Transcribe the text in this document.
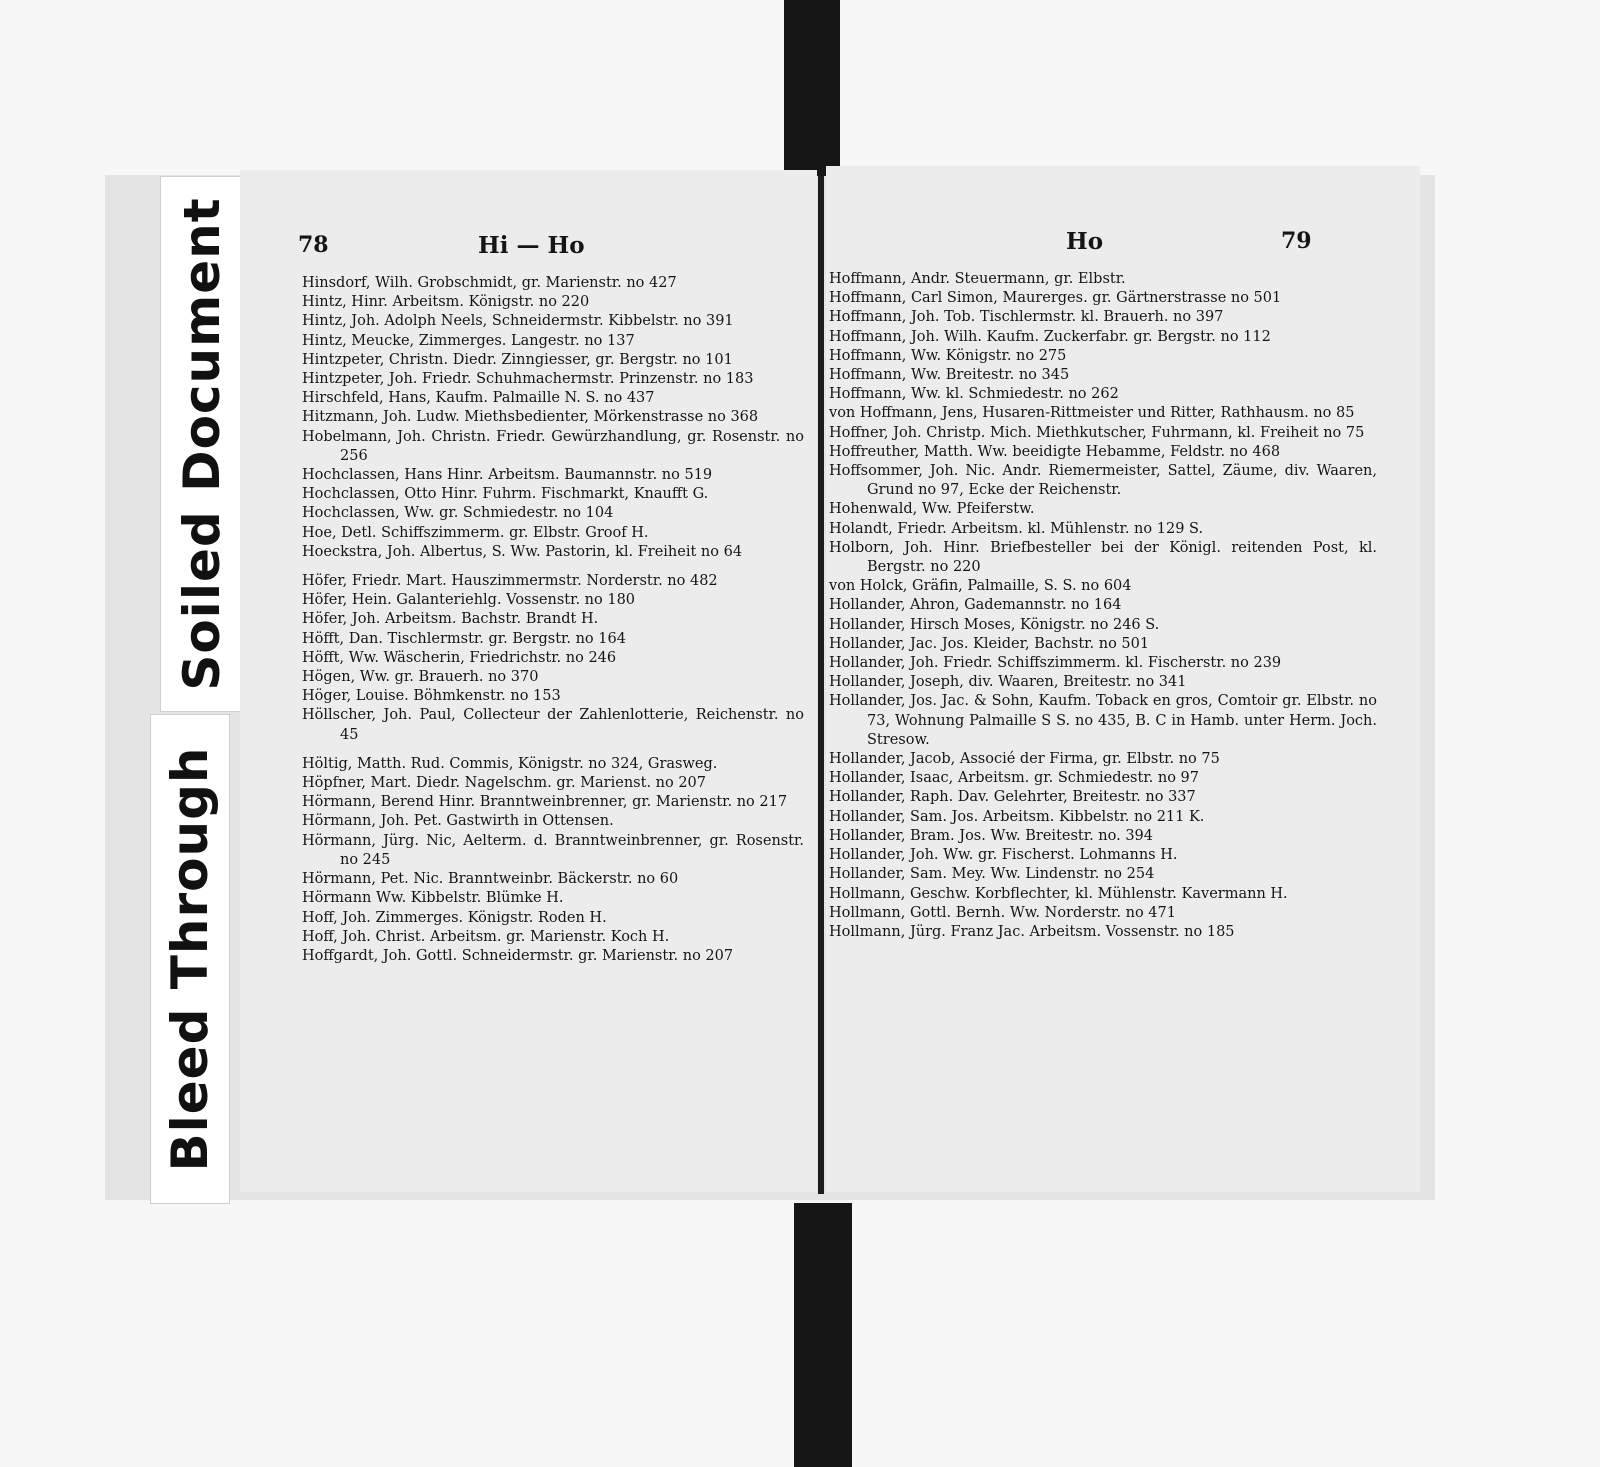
Soiled Document
Bleed Through
78	Hi — Ho
Hinsdorf, Wilh. Grobschmidt, gr. Marienstr. no 427
Hintz, Hinr. Arbeitsm. Königstr. no 220
Hintz, Joh. Adolph Neels, Schneidermstr. Kibbelstr. no 391
Hintz, Meucke, Zimmerges. Langestr. no 137
Hintzpeter, Christn. Diedr. Zinngiesser, gr. Bergstr. no 101
Hintzpeter, Joh. Friedr. Schuhmachermstr. Prinzenstr. no 183
Hirschfeld, Hans, Kaufm. Palmaille N. S. no 437
Hitzmann, Joh. Ludw. Miethsbedienter, Mörkenstrasse no 368
Hobelmann, Joh. Christn. Friedr. Gewürzhandlung, gr. Rosenstr. no 256
Hochclassen, Hans Hinr. Arbeitsm. Baumannstr. no 519
Hochclassen, Otto Hinr. Fuhrm. Fischmarkt, Knaufft G.
Hochclassen, Ww. gr. Schmiedestr. no 104
Hoe, Detl. Schiffszimmerm. gr. Elbstr. Groof H.
Hoeckstra, Joh. Albertus, S. Ww. Pastorin, kl. Freiheit no 64
Höfer, Friedr. Mart. Hauszimmermstr. Norderstr. no 482
Höfer, Hein. Galanteriehlg. Vossenstr. no 180
Höfer, Joh. Arbeitsm. Bachstr. Brandt H.
Höfft, Dan. Tischlermstr. gr. Bergstr. no 164
Höfft, Ww. Wäscherin, Friedrichstr. no 246
Högen, Ww. gr. Brauerh. no 370
Höger, Louise. Böhmkenstr. no 153
Höllscher, Joh. Paul, Collecteur der Zahlenlotterie, Reichenstr. no 45
Höltig, Matth. Rud. Commis, Königstr. no 324, Grasweg.
Höpfner, Mart. Diedr. Nagelschm. gr. Marienst. no 207
Hörmann, Berend Hinr. Branntweinbrenner, gr. Marienstr. no 217
Hörmann, Joh. Pet. Gastwirth in Ottensen.
Hörmann, Jürg. Nic, Aelterm. d. Branntweinbrenner, gr. Rosenstr. no 245
Hörmann, Pet. Nic. Branntweinbr. Bäckerstr. no 60
Hörmann Ww. Kibbelstr. Blümke H.
Hoff, Joh. Zimmerges. Königstr. Roden H.
Hoff, Joh. Christ. Arbeitsm. gr. Marienstr. Koch H.
Hoffgardt, Joh. Gottl. Schneidermstr. gr. Marienstr. no 207
Ho	79
Hoffmann, Andr. Steuermann, gr. Elbstr.
Hoffmann, Carl Simon, Maurerges. gr. Gärtnerstrasse no 501
Hoffmann, Joh. Tob. Tischlermstr. kl. Brauerh. no 397
Hoffmann, Joh. Wilh. Kaufm. Zuckerfabr. gr. Bergstr. no 112
Hoffmann, Ww. Königstr. no 275
Hoffmann, Ww. Breitestr. no 345
Hoffmann, Ww. kl. Schmiedestr. no 262
von Hoffmann, Jens, Husaren-Rittmeister und Ritter, Rathhausm. no 85
Hoffner, Joh. Christp. Mich. Miethkutscher, Fuhrmann, kl. Freiheit no 75
Hoffreuther, Matth. Ww. beeidigte Hebamme, Feldstr. no 468
Hoffsommer, Joh. Nic. Andr. Riemermeister, Sattel, Zäume, div. Waaren, Grund no 97, Ecke der Reichenstr.
Hohenwald, Ww. Pfeiferstw.
Holandt, Friedr. Arbeitsm. kl. Mühlenstr. no 129 S.
Holborn, Joh. Hinr. Briefbesteller bei der Königl. reitenden Post, kl. Bergstr. no 220
von Holck, Gräfin, Palmaille, S. S. no 604
Hollander, Ahron, Gademannstr. no 164
Hollander, Hirsch Moses, Königstr. no 246 S.
Hollander, Jac. Jos. Kleider, Bachstr. no 501
Hollander, Joh. Friedr. Schiffszimmerm. kl. Fischerstr. no 239
Hollander, Joseph, div. Waaren, Breitestr. no 341
Hollander, Jos. Jac. & Sohn, Kaufm. Toback en gros, Comtoir gr. Elbstr. no 73, Wohnung Palmaille S S. no 435, B. C in Hamb. unter Herm. Joch. Stresow.
Hollander, Jacob, Associé der Firma, gr. Elbstr. no 75
Hollander, Isaac, Arbeitsm. gr. Schmiedestr. no 97
Hollander, Raph. Dav. Gelehrter, Breitestr. no 337
Hollander, Sam. Jos. Arbeitsm. Kibbelstr. no 211 K.
Hollander, Bram. Jos. Ww. Breitestr. no. 394
Hollander, Joh. Ww. gr. Fischerst. Lohmanns H.
Hollander, Sam. Mey. Ww. Lindenstr. no 254
Hollmann, Geschw. Korbflechter, kl. Mühlenstr. Kavermann H.
Hollmann, Gottl. Bernh. Ww. Norderstr. no 471
Hollmann, Jürg. Franz Jac. Arbeitsm. Vossenstr. no 185
